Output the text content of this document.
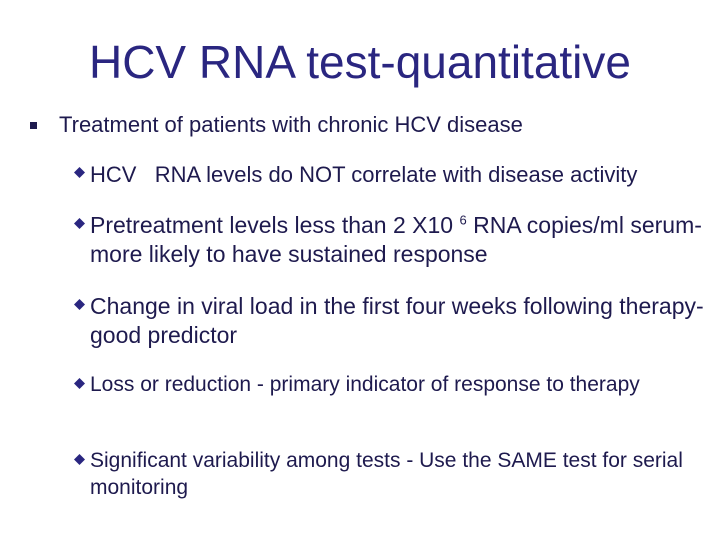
HCV RNA test-quantitative
Treatment of patients with chronic HCV disease
HCV   RNA levels do NOT correlate with disease activity
Pretreatment levels less than 2 X10 $^6$ RNA copies/ml serum- more likely to have sustained response
Change in viral load in the first four weeks following therapy- good predictor
Loss or reduction - primary indicator of response to therapy
Significant variability among tests - Use the SAME test for serial monitoring
